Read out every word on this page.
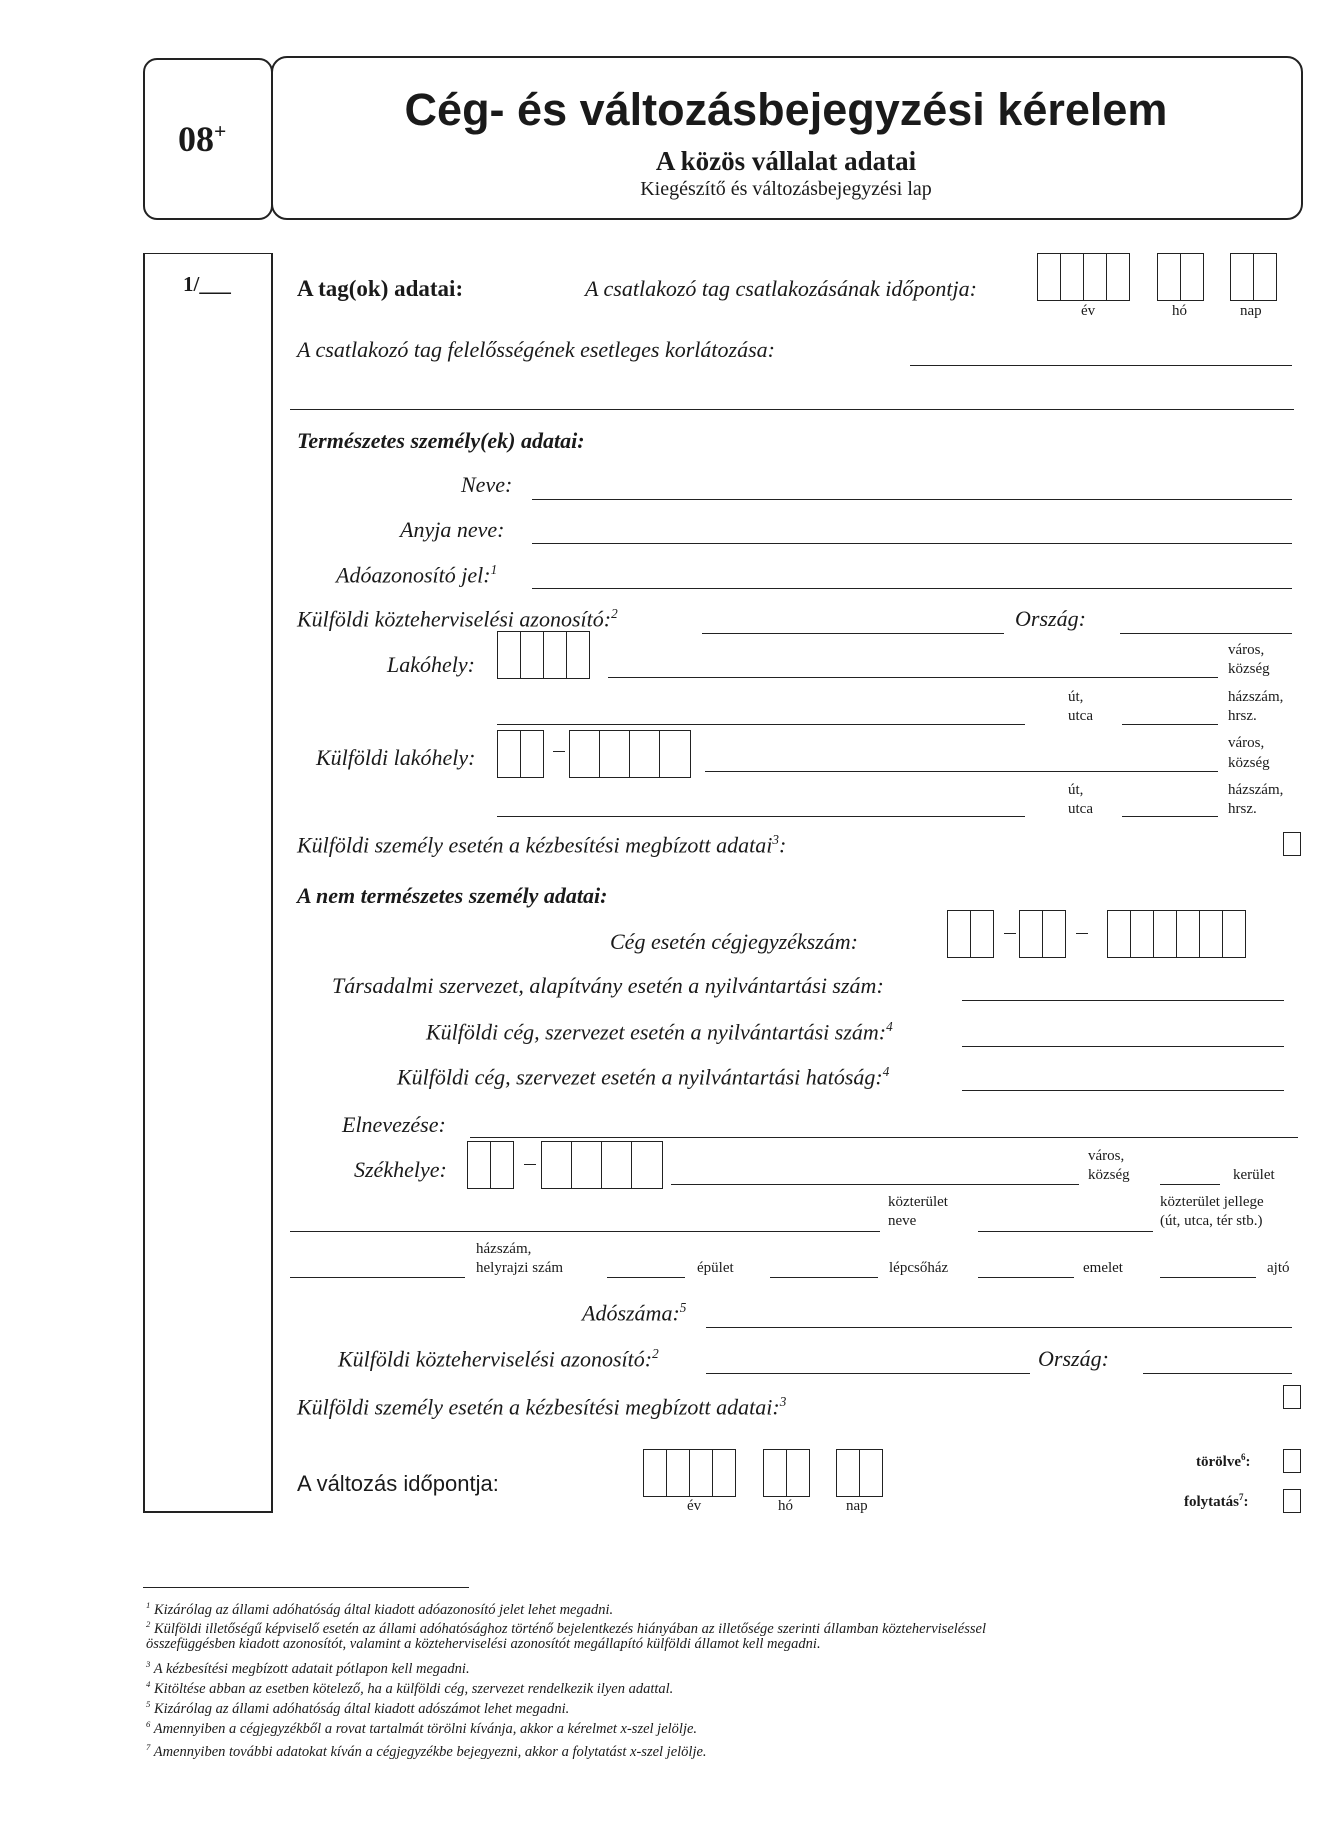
08+	Cég- és változásbejegyzési kérelem
A közös vállalat adatai
Kiegészítő és változásbejegyzési lap
1/___	A tag(ok) adatai:	A csatlakozó tag csatlakozásának időpontja:
év	hó	nap
A csatlakozó tag felelősségének esetleges korlátozása:
Természetes személy(ek) adatai:
Neve:
Anyja neve:
Adóazonosító jel:$^1$
Külföldi közteherviselési azonosító:$^2$	Ország:
Lakóhely:
város,
község
út,
utca
házszám,
hrsz.
Külföldi lakóhely:
város,
község
út,
utca
házszám,
hrsz.
Külföldi személy esetén a kézbesítési megbízott adatai$^3$:
A nem természetes személy adatai:
Cég esetén cégjegyzékszám:
Társadalmi szervezet, alapítvány esetén a nyilvántartási szám:
Külföldi cég, szervezet esetén a nyilvántartási szám:$^4$
Külföldi cég, szervezet esetén a nyilvántartási hatóság:$^4$
Elnevezése:
Székhelye:
város,
község	kerület
közterület
neve
közterület jellege
(út, utca, tér stb.)
házszám,
helyrajzi szám	épület	lépcsőház	emelet	ajtó
Adószáma:$^5$
Külföldi közteherviselési azonosító:$^2$	Ország:
Külföldi személy esetén a kézbesítési megbízott adatai:$^3$
A változás időpontja:
év	hó	nap
törölve$^6$:
folytatás$^7$:
$^1$ Kizárólag az állami adóhatóság által kiadott adóazonosító jelet lehet megadni.
$^2$ Külföldi illetőségű képviselő esetén az állami adóhatósághoz történő bejelentkezés hiányában az illetősége szerinti államban közteherviseléssel
összefüggésben kiadott azonosítót, valamint a közteherviselési azonosítót megállapító külföldi államot kell megadni.
$^3$ A kézbesítési megbízott adatait pótlapon kell megadni.
$^4$ Kitöltése abban az esetben kötelező, ha a külföldi cég, szervezet rendelkezik ilyen adattal.
$^5$ Kizárólag az állami adóhatóság által kiadott adószámot lehet megadni.
$^6$ Amennyiben a cégjegyzékből a rovat tartalmát törölni kívánja, akkor a kérelmet x-szel jelölje.
$^7$ Amennyiben további adatokat kíván a cégjegyzékbe bejegyezni, akkor a folytatást x-szel jelölje.
